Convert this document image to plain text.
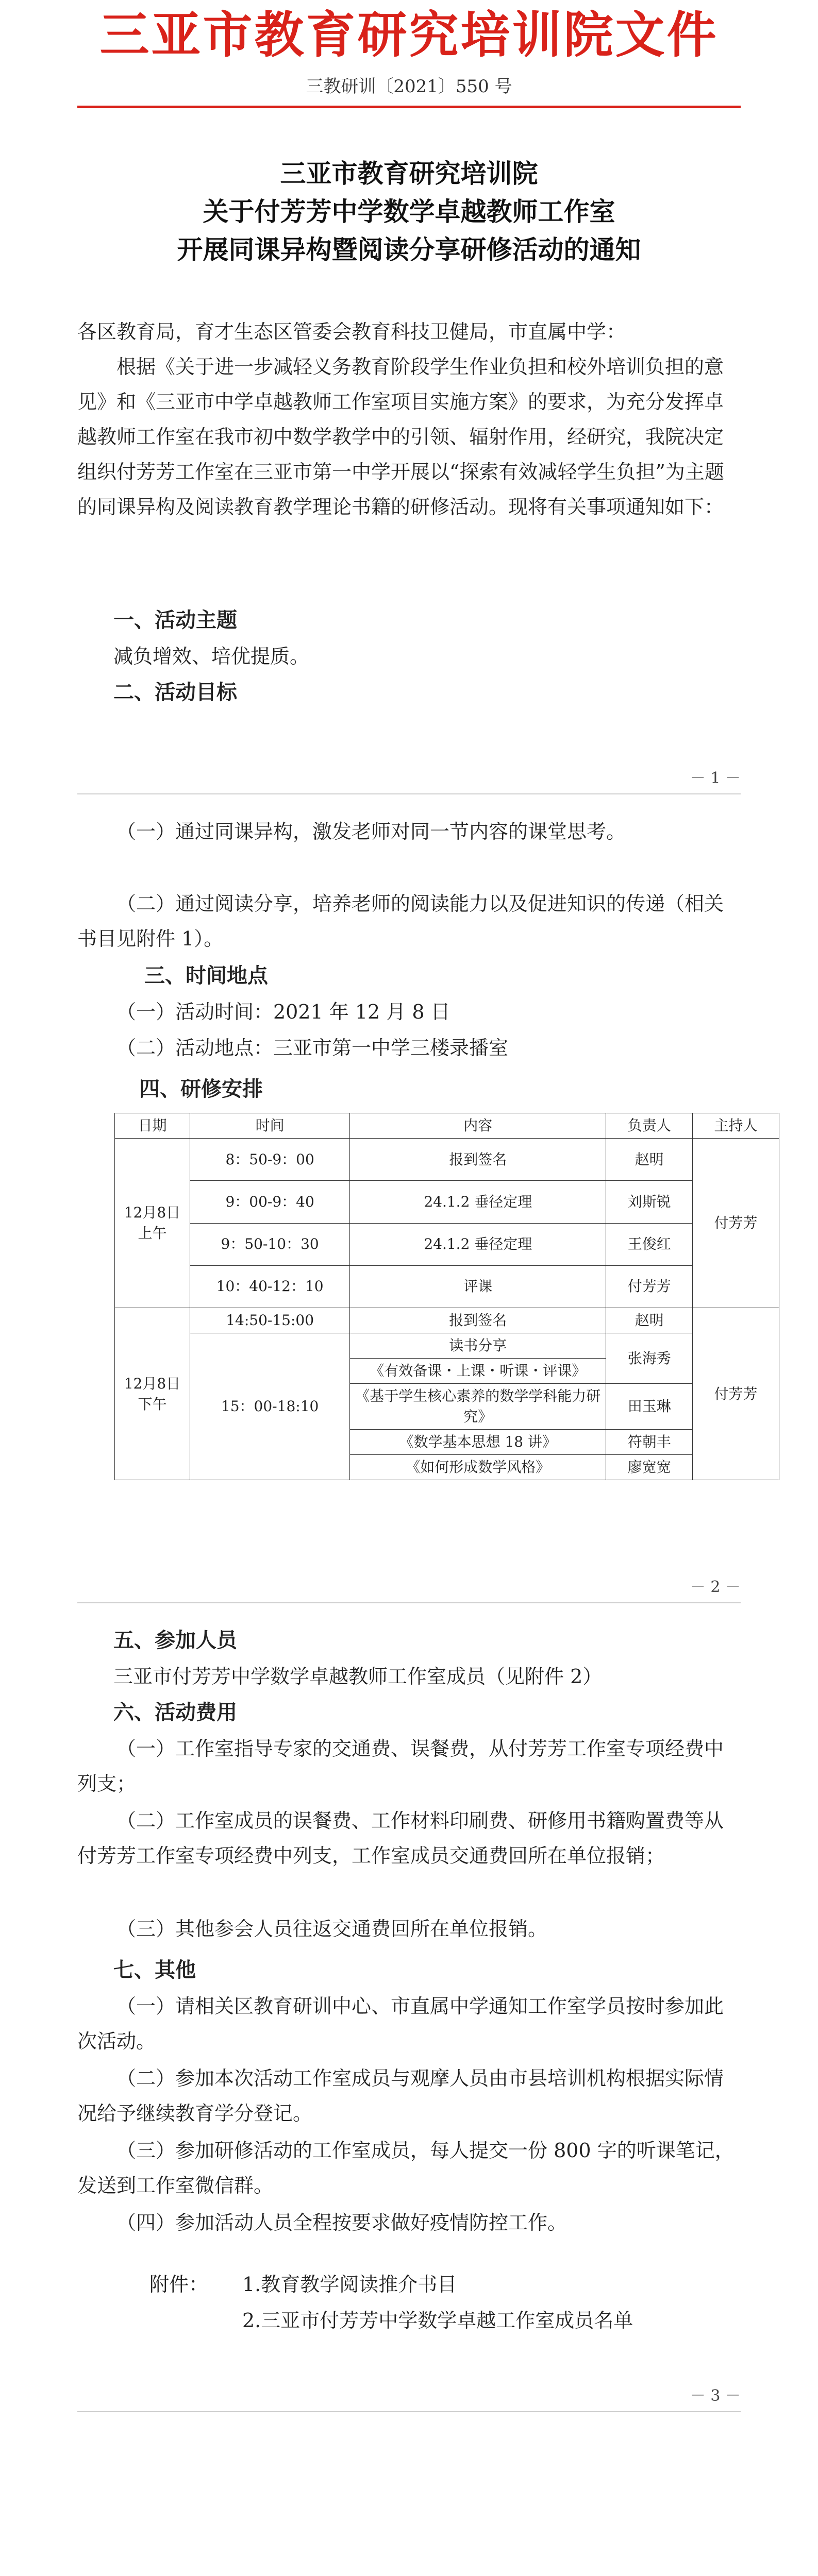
三亚市教育研究培训院文件
三教研训〔2021〕550 号
三亚市教育研究培训院
关于付芳芳中学数学卓越教师工作室
开展同课异构暨阅读分享研修活动的通知
各区教育局，育才生态区管委会教育科技卫健局，市直属中学：
根据《关于进一步减轻义务教育阶段学生作业负担和校外培训负担的意见》和《三亚市中学卓越教师工作室项目实施方案》的要求，为充分发挥卓越教师工作室在我市初中数学教学中的引领、辐射作用，经研究，我院决定组织付芳芳工作室在三亚市第一中学开展以“探索有效减轻学生负担”为主题的同课异构及阅读教育教学理论书籍的研修活动。现将有关事项通知如下：
一、活动主题
减负增效、培优提质。
二、活动目标
－ 1 －
（一）通过同课异构，激发老师对同一节内容的课堂思考。
（二）通过阅读分享，培养老师的阅读能力以及促进知识的传递（相关书目见附件 1）。
三、时间地点
（一）活动时间：2021 年 12 月 8 日
（二）活动地点：三亚市第一中学三楼录播室
四、研修安排
日期	时间	内容	负责人	主持人
12月8日上午	8：50-9：00	报到签名	赵明	付芳芳
	9：00-9：40	24.1.2 垂径定理	刘斯锐	
	9：50-10：30	24.1.2 垂径定理	王俊红	
	10：40-12：10	评课	付芳芳	
12月8日下午	14:50-15:00	报到签名	赵明	付芳芳
	15：00-18:10	读书分享	张海秀	
		《有效备课・上课・听课・评课》		
		《基于学生核心素养的数学学科能力研究》	田玉琳	
		《数学基本思想 18 讲》	符朝丰	
		《如何形成数学风格》	廖宽宽	
－ 2 －
五、参加人员
三亚市付芳芳中学数学卓越教师工作室成员（见附件 2）
六、活动费用
（一）工作室指导专家的交通费、误餐费，从付芳芳工作室专项经费中列支；
（二）工作室成员的误餐费、工作材料印刷费、研修用书籍购置费等从付芳芳工作室专项经费中列支，工作室成员交通费回所在单位报销；
（三）其他参会人员往返交通费回所在单位报销。
七、其他
（一）请相关区教育研训中心、市直属中学通知工作室学员按时参加此次活动。
（二）参加本次活动工作室成员与观摩人员由市县培训机构根据实际情况给予继续教育学分登记。
（三）参加研修活动的工作室成员，每人提交一份 800 字的听课笔记，发送到工作室微信群。
（四）参加活动人员全程按要求做好疫情防控工作。
附件：	1.教育教学阅读推介书目
2.三亚市付芳芳中学数学卓越工作室成员名单
－ 3 －
